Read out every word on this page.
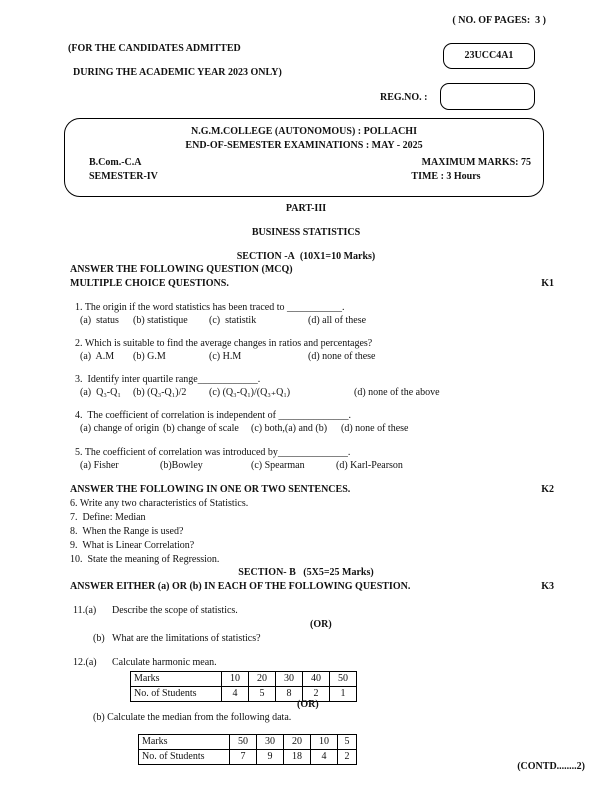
( NO. OF PAGES:  3 )
(FOR THE CANDIDATES ADMITTED
DURING THE ACADEMIC YEAR 2023 ONLY)
23UCC4A1
REG.NO. :
N.G.M.COLLEGE (AUTONOMOUS) : POLLACHI
END-OF-SEMESTER EXAMINATIONS : MAY - 2025
B.Com.-C.A
SEMESTER-IV
MAXIMUM MARKS: 75
TIME : 3 Hours
PART-III
BUSINESS STATISTICS
SECTION -A  (10X1=10 Marks)
ANSWER THE FOLLOWING QUESTION (MCQ)
MULTIPLE CHOICE QUESTIONS.	K1
1. The origin if the word statistics has been traced to ___________.
(a)  status	(b) statistique	(c)  statistik	(d) all of these
2. Which is suitable to find the average changes in ratios and percentages?
(a)  A.M	(b) G.M	(c) H.M	(d) none of these
3.  Identify inter quartile range____________.
(a)  Q₃-Q₁	(b) (Q₃-Q₁)/2	(c) (Q₃-Q₁)/(Q₃₊Q₁)	(d) none of the above
4.  The coefficient of correlation is independent of ______________.
(a) change of origin (b) change of scale	(c) both,(a) and (b)	(d) none of these
5. The coefficient of correlation was introduced by______________.
(a) Fisher	(b)Bowley	(c) Spearman	(d) Karl-Pearson
ANSWER THE FOLLOWING IN ONE OR TWO SENTENCES.	K2
6. Write any two characteristics of Statistics.
7.  Define: Median
8.  When the Range is used?
9.  What is Linear Correlation?
10.  State the meaning of Regression.
SECTION- B   (5X5=25 Marks)
ANSWER EITHER (a) OR (b) IN EACH OF THE FOLLOWING QUESTION.	K3
11.(a)	Describe the scope of statistics.
(OR)
(b) What are the limitations of statistics?
12.(a)	Calculate harmonic mean.
Marks	10	20	30	40	50
No. of Students	4	5	8	2	1
(OR)
(b) Calculate the median from the following data.
Marks	50	30	20	10	5
No. of Students	7	9	18	4	2
(CONTD........2)
